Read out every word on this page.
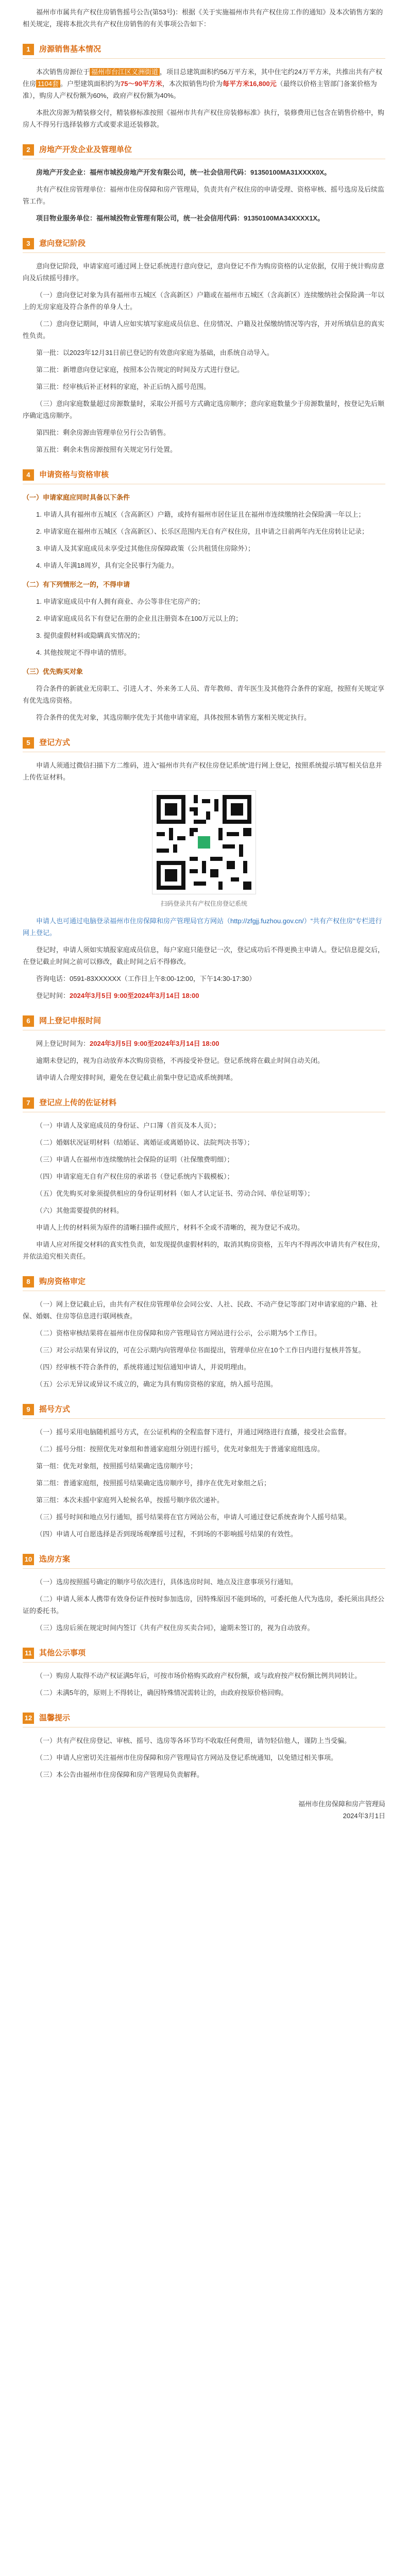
福州市市属共有产权住房销售摇号公告(第53号)：根据《关于实施福州市共有产权住房工作的通知》及本次销售方案的相关规定，现将本批次共有产权住房销售的有关事项公告如下：

1	房源销售基本情况

本次销售房源位于 福州市台江区义洲街道 ，项目总建筑面积约56万平方米，其中住宅约24万平方米，共推出共有产权住房 1104套 。户型建筑面积约为75～90平方米，本次拟销售均价为每平方米16,800元（最终以价格主管部门备案价格为准），购房人产权份额为60%，政府产权份额为40%。

本批次房源为精装修交付，精装修标准按照《福州市共有产权住房装修标准》执行，装修费用已包含在销售价格中，购房人不得另行选择装修方式或要求退还装修款。

2	房地产开发企业及管理单位

房地产开发企业：福州市城投房地产开发有限公司，统一社会信用代码：91350100MA31XXXX0X。

共有产权住房管理单位：福州市住房保障和房产管理局，负责共有产权住房的申请受理、资格审核、摇号选房及后续监管工作。

项目物业服务单位：福州城投物业管理有限公司，统一社会信用代码：91350100MA34XXXX1X。

3	意向登记阶段

意向登记阶段，申请家庭可通过网上登记系统进行意向登记，意向登记不作为购房资格的认定依据，仅用于统计购房意向及后续摇号排序。

（一）意向登记对象为具有福州市五城区（含高新区）户籍或在福州市五城区（含高新区）连续缴纳社会保险满一年以上的无房家庭及符合条件的单身人士。

（二）意向登记期间，申请人应如实填写家庭成员信息、住房情况、户籍及社保缴纳情况等内容，并对所填信息的真实性负责。

第一批：以2023年12月31日前已登记的有效意向家庭为基础，由系统自动导入。

第二批：新增意向登记家庭，按照本公告规定的时间及方式进行登记。

第三批：经审核后补正材料的家庭，补正后纳入摇号范围。

（三）意向家庭数量超过房源数量时，采取公开摇号方式确定选房顺序；意向家庭数量少于房源数量时，按登记先后顺序确定选房顺序。

第四批：剩余房源由管理单位另行公告销售。

第五批：剩余未售房源按照有关规定另行处置。

4	申请资格与资格审核

（一）申请家庭应同时具备以下条件

1. 申请人具有福州市五城区（含高新区）户籍，或持有福州市居住证且在福州市连续缴纳社会保险满一年以上；

2. 申请家庭在福州市五城区（含高新区）、长乐区范围内无自有产权住房，且申请之日前两年内无住房转让记录；

3. 申请人及其家庭成员未享受过其他住房保障政策（公共租赁住房除外）；

4. 申请人年满18周岁，具有完全民事行为能力。

（二）有下列情形之一的，不得申请

1. 申请家庭成员中有人拥有商业、办公等非住宅房产的；

2. 申请家庭成员名下有登记在册的企业且注册资本在100万元以上的；

3. 提供虚假材料或隐瞒真实情况的；

4. 其他按规定不得申请的情形。

（三）优先购买对象

符合条件的新就业无房职工、引进人才、外来务工人员、青年教师、青年医生及其他符合条件的家庭，按照有关规定享有优先选房资格。

符合条件的优先对象，其选房顺序优先于其他申请家庭，具体按照本销售方案相关规定执行。

5	登记方式

申请人须通过微信扫描下方二维码，进入“福州市共有产权住房登记系统”进行网上登记，按照系统提示填写相关信息并上传佐证材料。

扫码登录共有产权住房登记系统

申请人也可通过电脑登录福州市住房保障和房产管理局官方网站（http://zfgjj.fuzhou.gov.cn/）“共有产权住房”专栏进行网上登记。

登记时，申请人须如实填报家庭成员信息，每户家庭只能登记一次，登记成功后不得更换主申请人。登记信息提交后，在登记截止时间之前可以修改，截止时间之后不得修改。

咨询电话：0591-83XXXXXX（工作日上午8:00-12:00，下午14:30-17:30）

登记时间：2024年3月5日 9:00至2024年3月14日 18:00

6	网上登记申报时间

网上登记时间为：2024年3月5日 9:00至2024年3月14日 18:00

逾期未登记的，视为自动放弃本次购房资格，不再接受补登记。登记系统将在截止时间自动关闭。

请申请人合理安排时间，避免在登记截止前集中登记造成系统拥堵。

7	登记应上传的佐证材料

（一）申请人及家庭成员的身份证、户口簿（首页及本人页）；

（二）婚姻状况证明材料（结婚证、离婚证或离婚协议、法院判决书等）；

（三）申请人在福州市连续缴纳社会保险的证明（社保缴费明细）；

（四）申请家庭无自有产权住房的承诺书（登记系统内下载模板）；

（五）优先购买对象须提供相应的身份证明材料（如人才认定证书、劳动合同、单位证明等）；

（六）其他需要提供的材料。

申请人上传的材料须为原件的清晰扫描件或照片，材料不全或不清晰的，视为登记不成功。

申请人应对所提交材料的真实性负责，如发现提供虚假材料的，取消其购房资格，五年内不得再次申请共有产权住房，并依法追究相关责任。

8	购房资格审定

（一）网上登记截止后，由共有产权住房管理单位会同公安、人社、民政、不动产登记等部门对申请家庭的户籍、社保、婚姻、住房等信息进行联网核查。

（二）资格审核结果将在福州市住房保障和房产管理局官方网站进行公示，公示期为5个工作日。

（三）对公示结果有异议的，可在公示期内向管理单位书面提出，管理单位应在10个工作日内进行复核并答复。

（四）经审核不符合条件的，系统将通过短信通知申请人，并说明理由。

（五）公示无异议或异议不成立的，确定为具有购房资格的家庭，纳入摇号范围。

9	摇号方式

（一）摇号采用电脑随机摇号方式，在公证机构的全程监督下进行，并通过网络进行直播，接受社会监督。

（二）摇号分组：按照优先对象组和普通家庭组分别进行摇号，优先对象组先于普通家庭组选房。

第一组：优先对象组，按照摇号结果确定选房顺序号；

第二组：普通家庭组，按照摇号结果确定选房顺序号，排序在优先对象组之后；

第三组：本次未摇中家庭列入轮候名单，按摇号顺序依次递补。

（三）摇号时间和地点另行通知，摇号结果将在官方网站公布，申请人可通过登记系统查询个人摇号结果。

（四）申请人可自愿选择是否到现场观摩摇号过程，不到场的不影响摇号结果的有效性。

10 选房方案

（一）选房按照摇号确定的顺序号依次进行，具体选房时间、地点及注意事项另行通知。

（二）申请人须本人携带有效身份证件按时参加选房，因特殊原因不能到场的，可委托他人代为选房，委托须出具经公证的委托书。

（三）选房后须在规定时间内签订《共有产权住房买卖合同》，逾期未签订的，视为自动放弃。

11 其他公示事项

（一）购房人取得不动产权证满5年后，可按市场价格购买政府产权份额，或与政府按产权份额比例共同转让。

（二）未满5年的，原则上不得转让，确因特殊情况需转让的，由政府按原价格回购。

12 温馨提示

（一）共有产权住房登记、审核、摇号、选房等各环节均不收取任何费用，请勿轻信他人，谨防上当受骗。

（二）申请人应密切关注福州市住房保障和房产管理局官方网站及登记系统通知，以免错过相关事项。

（三）本公告由福州市住房保障和房产管理局负责解释。

福州市住房保障和房产管理局

2024年3月1日
